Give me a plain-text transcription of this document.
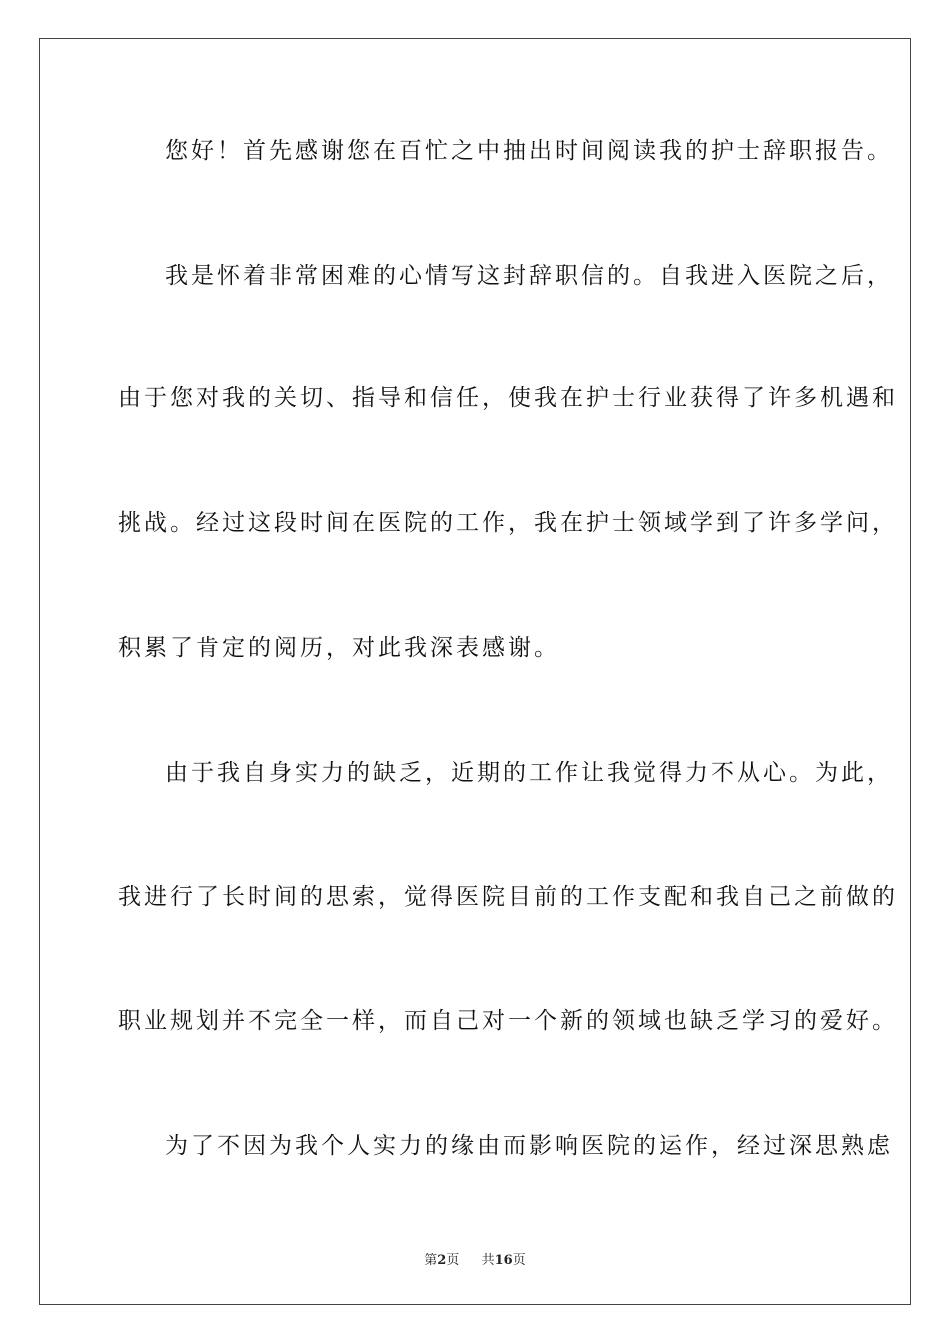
您好！首先感谢您在百忙之中抽出时间阅读我的护士辞职报告。
我是怀着非常困难的心情写这封辞职信的。自我进入医院之后，
由于您对我的关切、指导和信任，使我在护士行业获得了许多机遇和
挑战。经过这段时间在医院的工作，我在护士领域学到了许多学问，
积累了肯定的阅历，对此我深表感谢。
由于我自身实力的缺乏，近期的工作让我觉得力不从心。为此，
我进行了长时间的思索，觉得医院目前的工作支配和我自己之前做的
职业规划并不完全一样，而自己对一个新的领域也缺乏学习的爱好。
为了不因为我个人实力的缘由而影响医院的运作，经过深思熟虑
第2页 共16页
